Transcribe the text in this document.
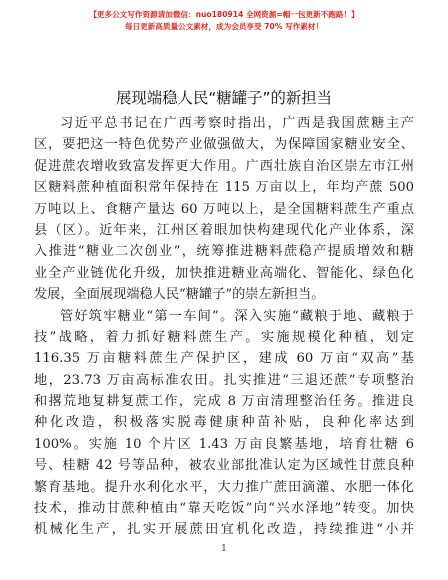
【更多公文写作资源请加微信：nuo180914 全网资源=帽一包更新不跑路！】
每日更新高质量公文素材，成为会员享受 70% 写作素材！
展现端稳人民“糖罐子”的新担当
习近平总书记在广西考察时指出，广西是我国蔗糖主产
区，要把这一特色优势产业做强做大，为保障国家糖业安全、
促进蔗农增收致富发挥更大作用。广西壮族自治区崇左市江州
区糖料蔗种植面积常年保持在 115 万亩以上，年均产蔗 500
万吨以上、食糖产量达 60 万吨以上，是全国糖料蔗生产重点
县（区）。近年来，江州区着眼加快构建现代化产业体系，深
入推进“糖业二次创业”，统筹推进糖料蔗稳产提质增效和糖
业全产业链优化升级，加快推进糖业高端化、智能化、绿色化
发展，全面展现端稳人民“糖罐子”的崇左新担当。
管好筑牢糖业“第一车间”。深入实施“藏粮于地、藏粮于
技”战略，着力抓好糖料蔗生产。实施规模化种植，划定
116.35 万亩糖料蔗生产保护区，建成 60 万亩“双高”基
地，23.73 万亩高标准农田。扎实推进“三退还蔗”专项整治
和撂荒地复耕复蔗工作，完成 8 万亩清理整治任务。推进良
种化改造，积极落实脱毒健康种苗补贴，良种化率达到
100%。实施 10 个片区 1.43 万亩良繁基地，培育壮糖 6
号、桂糖 42 号等品种，被农业部批准认定为区域性甘蔗良种
繁育基地。提升水利化水平，大力推广蔗田滴灌、水肥一体化
技术，推动甘蔗种植由“靠天吃饭”向“兴水泽地”转变。加快
机械化生产，扎实开展蔗田宜机化改造，持续推进“小并
1
